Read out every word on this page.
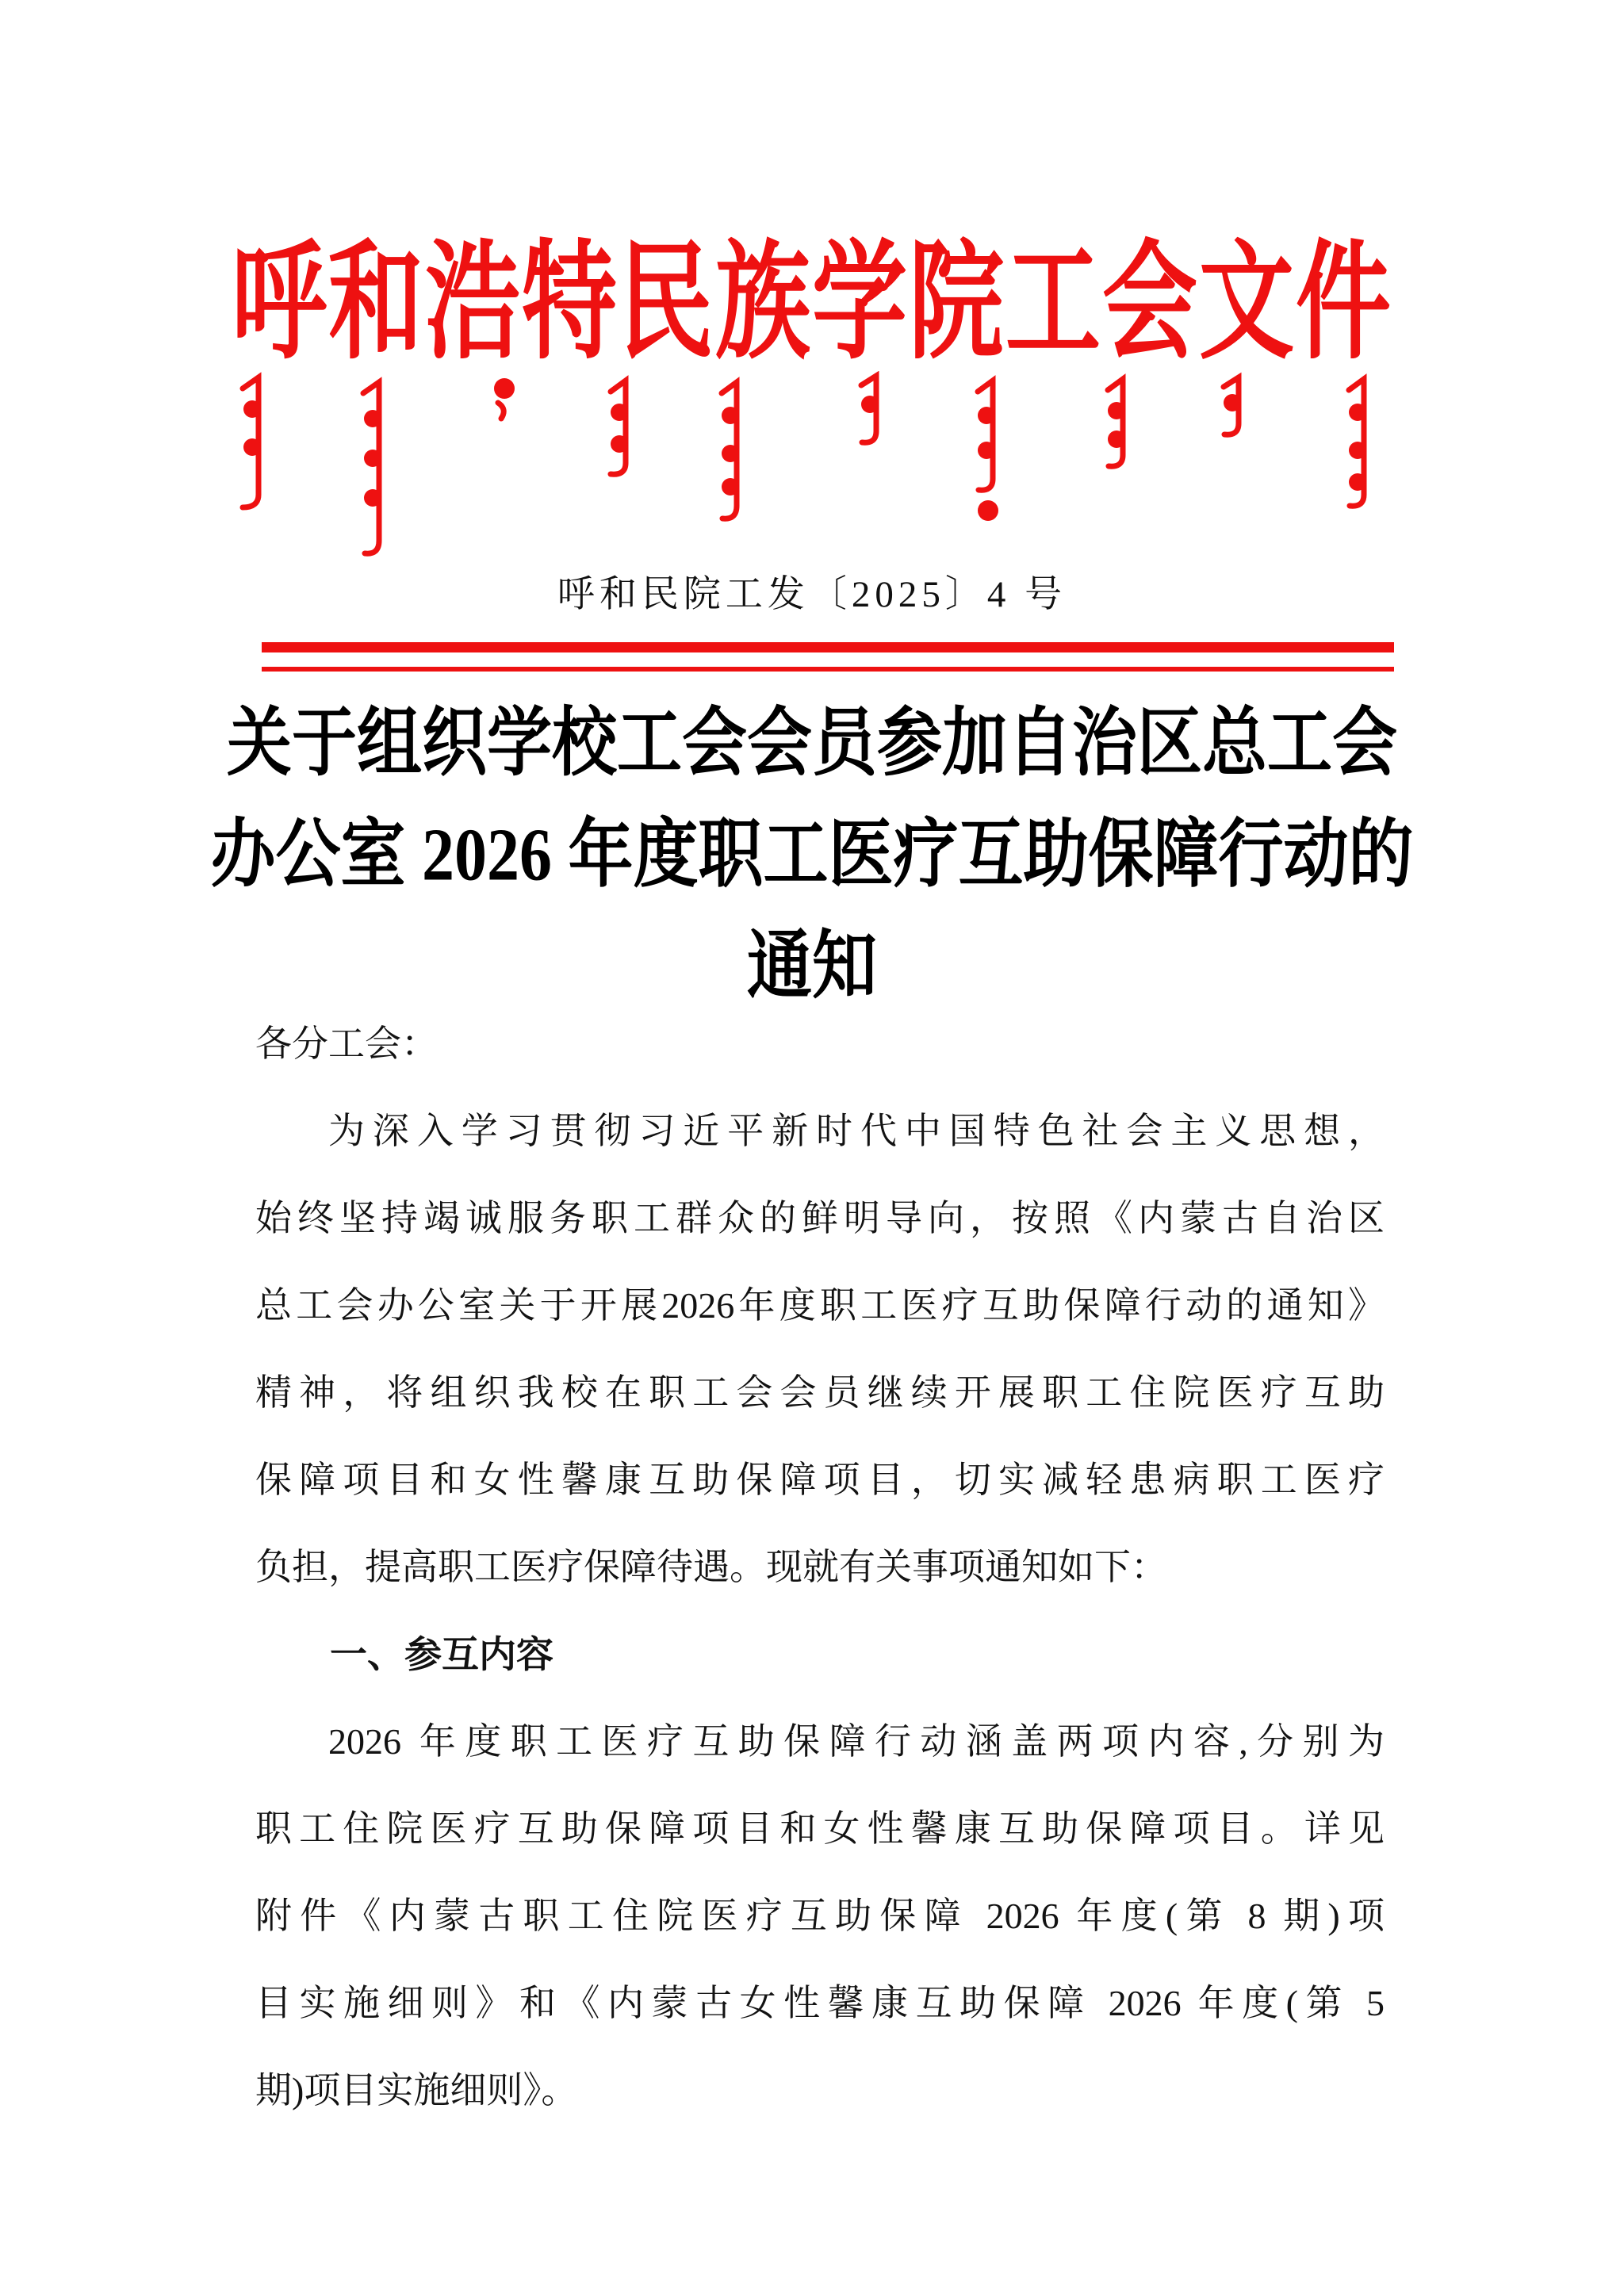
呼和浩特民族学院工会文件
呼和民院工发〔2025〕4 号
关于组织学校工会会员参加自治区总工会
办公室 2026 年度职工医疗互助保障行动的
通知
各分工会：
为深入学习贯彻习近平新时代中国特色社会主义思想，
始终坚持竭诚服务职工群众的鲜明导向，按照《内蒙古自治区
总工会办公室关于开展2026年度职工医疗互助保障行动的通知》
精神，将组织我校在职工会会员继续开展职工住院医疗互助
保障项目和女性馨康互助保障项目，切实减轻患病职工医疗
负担，提高职工医疗保障待遇。现就有关事项通知如下：
一、参互内容
2026 年度职工医疗互助保障行动涵盖两项内容,分别为
职工住院医疗互助保障项目和女性馨康互助保障项目。详见
附件《内蒙古职工住院医疗互助保障 2026 年度(第 8 期)项
目实施细则》和《内蒙古女性馨康互助保障 2026 年度(第 5
期)项目实施细则》。
